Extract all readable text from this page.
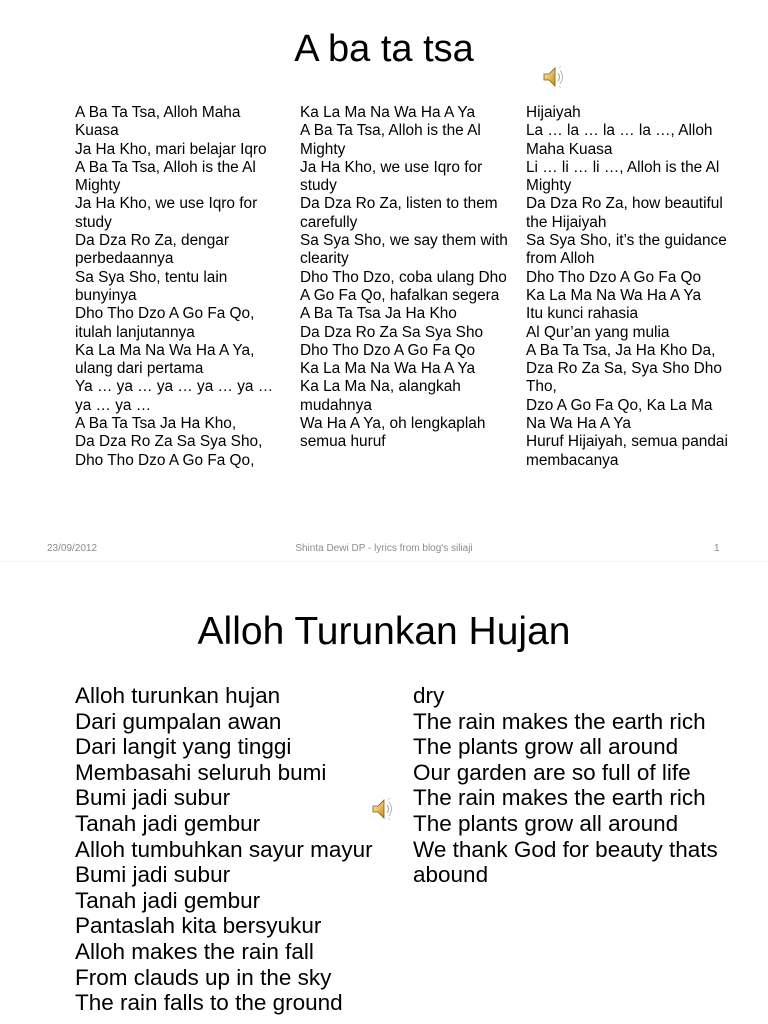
A ba ta tsa
A Ba Ta Tsa, Alloh Maha Kuasa
Ja Ha Kho, mari belajar Iqro
A Ba Ta Tsa, Alloh is the Al Mighty
Ja Ha Kho, we use Iqro for study
Da Dza Ro Za, dengar perbedaannya
Sa Sya Sho, tentu lain bunyinya
Dho Tho Dzo A Go Fa Qo, itulah lanjutannya
Ka La Ma Na Wa Ha A Ya, ulang dari pertama
Ya … ya … ya … ya … ya … ya … ya …
A Ba Ta Tsa Ja Ha Kho,
Da Dza Ro Za Sa Sya Sho,
Dho Tho Dzo A Go Fa Qo,
Ka La Ma Na Wa Ha A Ya
A Ba Ta Tsa, Alloh is the Al Mighty
Ja Ha Kho, we use Iqro for study
Da Dza Ro Za, listen to them carefully
Sa Sya Sho, we say them with clearity
Dho Tho Dzo, coba ulang Dho
A Go Fa Qo, hafalkan segera
A Ba Ta Tsa Ja Ha Kho
Da Dza Ro Za Sa Sya Sho
Dho Tho Dzo A Go Fa Qo
Ka La Ma Na Wa Ha A Ya
Ka La Ma Na, alangkah mudahnya
Wa Ha A Ya, oh lengkaplah semua huruf
Hijaiyah
La … la … la … la …, Alloh Maha Kuasa
Li … li … li …, Alloh is the Al Mighty
Da Dza Ro Za, how beautiful the Hijaiyah
Sa Sya Sho, it’s the guidance from Alloh
Dho Tho Dzo A Go Fa Qo
Ka La Ma Na Wa Ha A Ya
Itu kunci rahasia
Al Qur’an yang mulia
A Ba Ta Tsa, Ja Ha Kho Da,
Dza Ro Za Sa, Sya Sho Dho Tho,
Dzo A Go Fa Qo, Ka La Ma Na Wa Ha A Ya
Huruf Hijaiyah, semua pandai membacanya
23/09/2012	Shinta Dewi DP - lyrics from blog's siliaji	1
Alloh Turunkan Hujan
Alloh turunkan hujan
Dari gumpalan awan
Dari langit yang tinggi
Membasahi seluruh bumi
Bumi jadi subur
Tanah jadi gembur
Alloh tumbuhkan sayur mayur
Bumi jadi subur
Tanah jadi gembur
Pantaslah kita bersyukur
Alloh makes the rain fall
From clauds up in the sky
The rain falls to the ground
dry
The rain makes the earth rich
The plants grow all around
Our garden are so full of life
The rain makes the earth rich
The plants grow all around
We thank God for beauty thats abound
